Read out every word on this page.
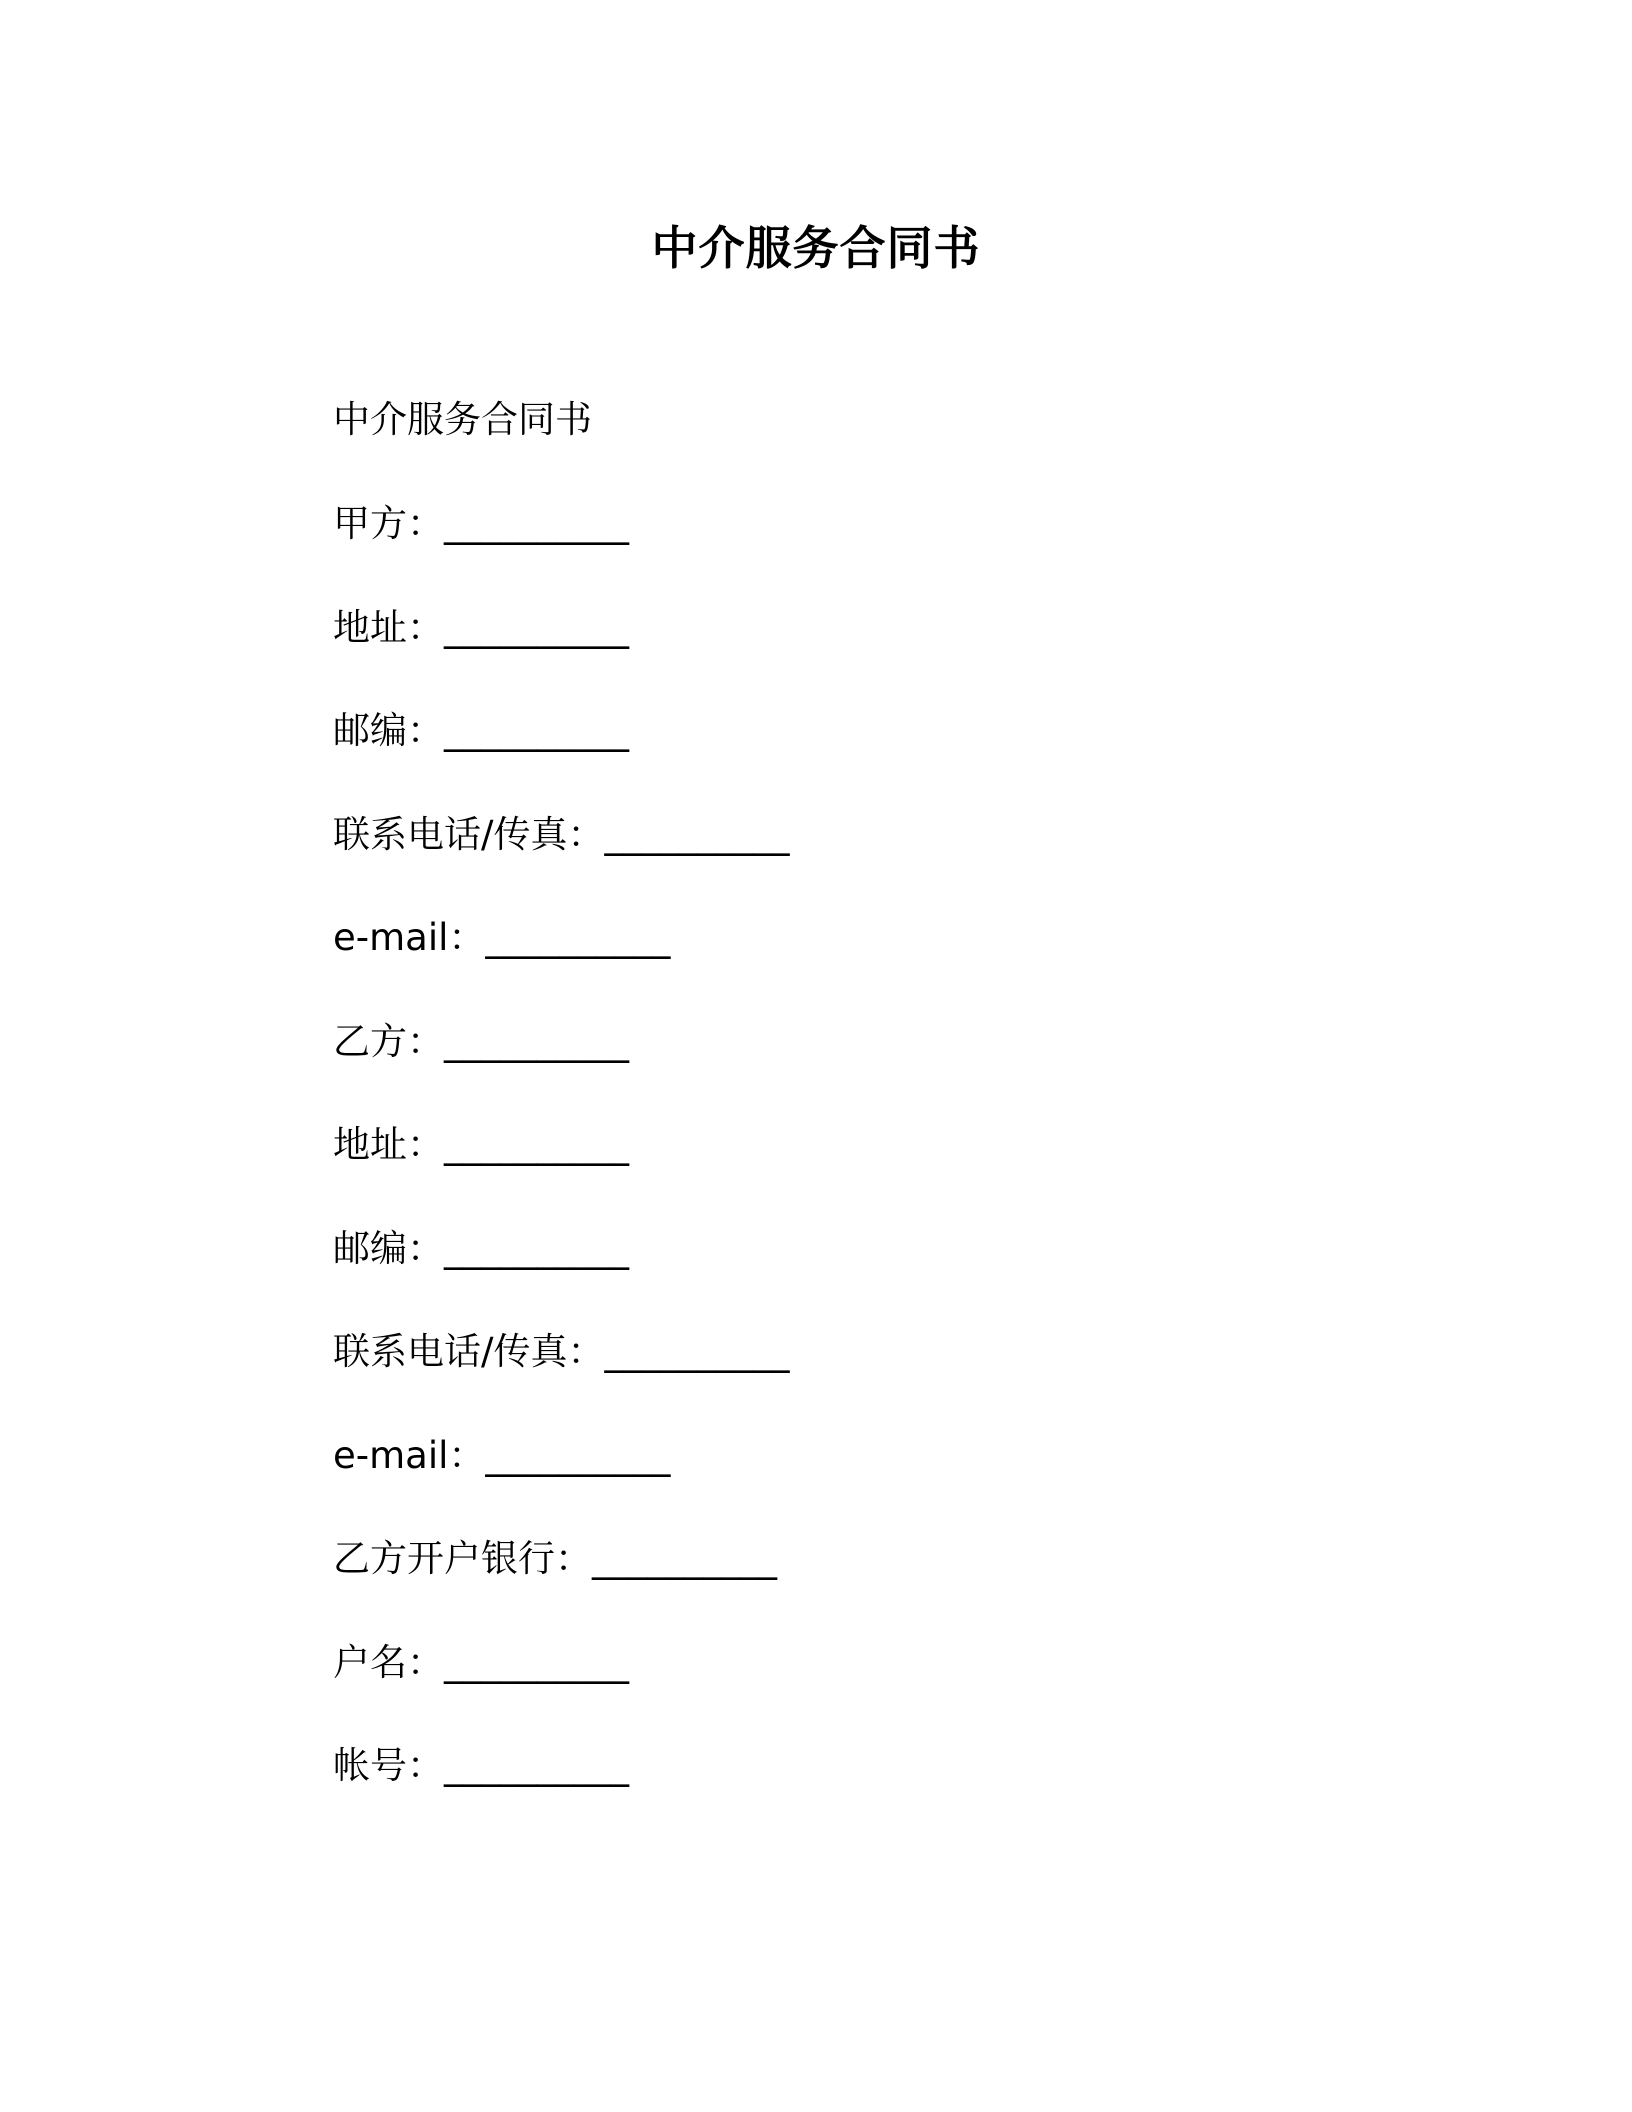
中介服务合同书

中介服务合同书

甲方：__________
地址：__________
邮编：__________
联系电话/传真：__________
e-mail：__________
乙方：__________
地址：__________
邮编：__________
联系电话/传真：__________
e-mail：__________
乙方开户银行：__________
户名：__________
帐号：__________
